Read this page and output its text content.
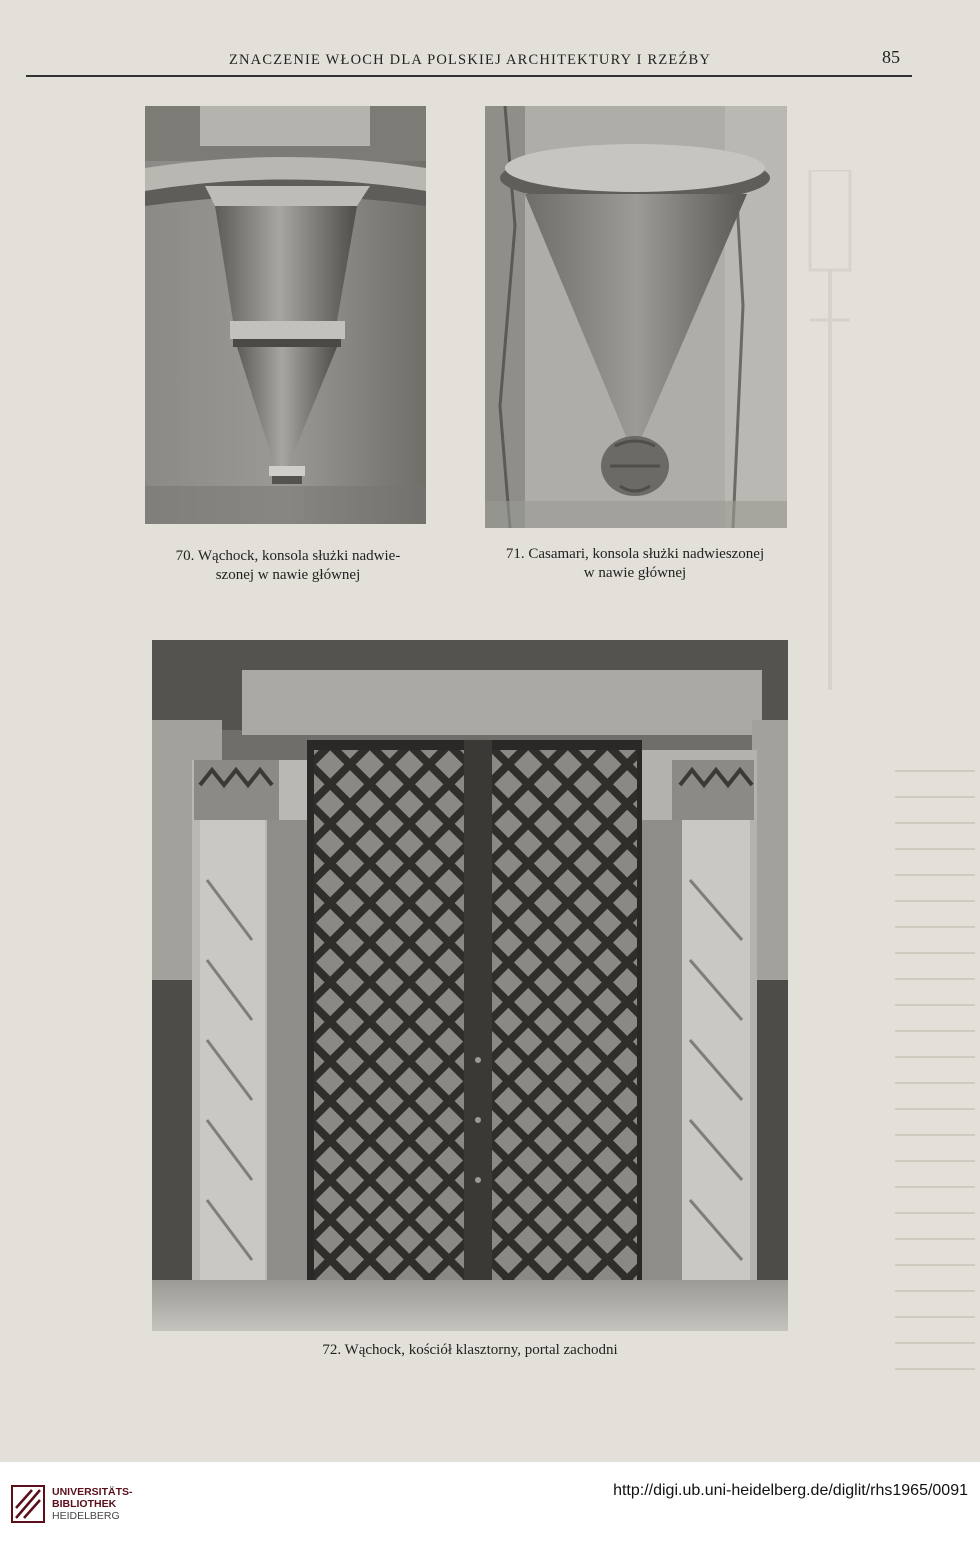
ZNACZENIE WŁOCH DLA POLSKIEJ ARCHITEKTURY I RZEŹBY	85
70. Wąchock, konsola służki nadwie-
szonej w nawie głównej
71. Casamari, konsola służki nadwieszonej
w nawie głównej
72. Wąchock, kościół klasztorny, portal zachodni
UNIVERSITÄTS-
BIBLIOTHEK
HEIDELBERG
http://digi.ub.uni-heidelberg.de/diglit/rhs1965/0091
